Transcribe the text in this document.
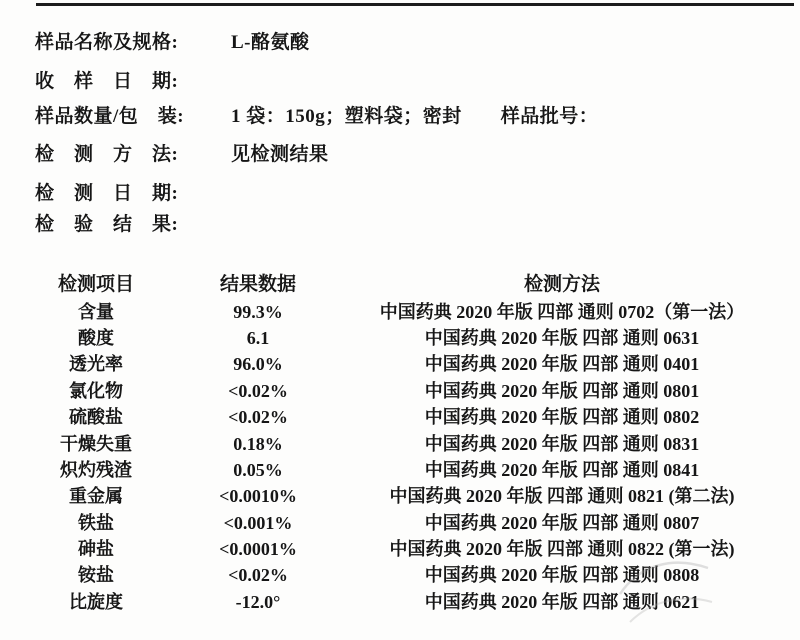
样品名称及规格:	L-酪氨酸
收　样　日　期:
样品数量/包　装:	1 袋：150g；塑料袋；密封　　样品批号：
检　测　方　法:	见检测结果
检　测　日　期:
检　验　结　果:
检测项目	结果数据	检测方法
含量	99.3%	中国药典 2020 年版 四部 通则 0702（第一法）
酸度	6.1	中国药典 2020 年版 四部 通则 0631
透光率	96.0%	中国药典 2020 年版 四部 通则 0401
氯化物	<0.02%	中国药典 2020 年版 四部 通则 0801
硫酸盐	<0.02%	中国药典 2020 年版 四部 通则 0802
干燥失重	0.18%	中国药典 2020 年版 四部 通则 0831
炽灼残渣	0.05%	中国药典 2020 年版 四部 通则 0841
重金属	<0.0010%	中国药典 2020 年版 四部 通则 0821 (第二法)
铁盐	<0.001%	中国药典 2020 年版 四部 通则 0807
砷盐	<0.0001%	中国药典 2020 年版 四部 通则 0822 (第一法)
铵盐	<0.02%	中国药典 2020 年版 四部 通则 0808
比旋度	-12.0°	中国药典 2020 年版 四部 通则 0621
